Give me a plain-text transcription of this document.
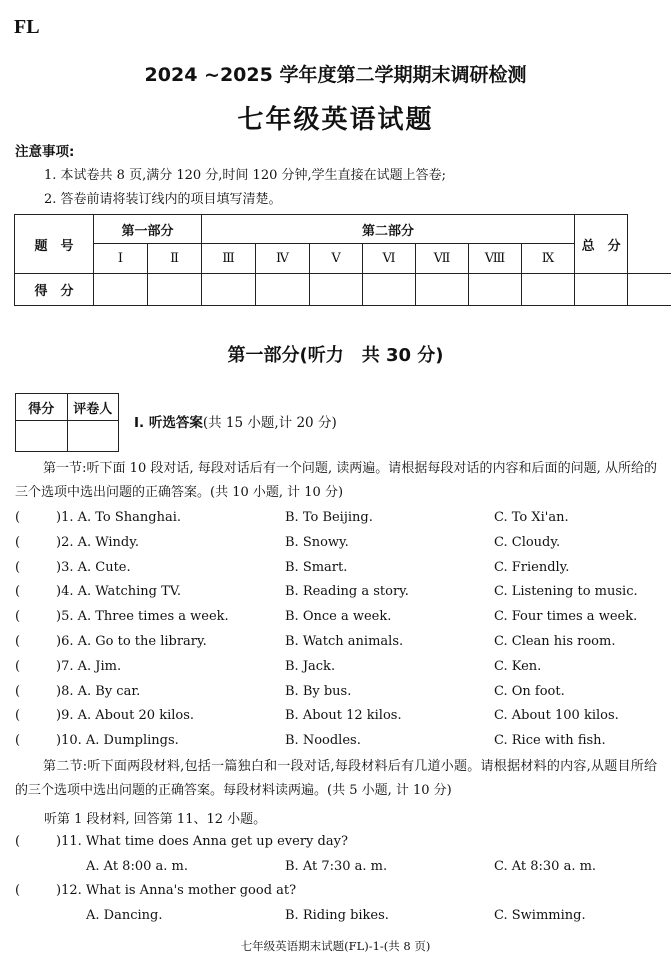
FL
2024 ~2025 学年度第二学期期末调研检测
七年级英语试题
注意事项:
1. 本试卷共 8 页,满分 120 分,时间 120 分钟,学生直接在试题上答卷;
2. 答卷前请将装订线内的项目填写清楚。
题　号	第一部分		第二部分							总　分	
	Ⅰ	Ⅱ	Ⅲ	Ⅳ	Ⅴ	Ⅵ	Ⅶ	Ⅷ	Ⅸ		
得　分											
第一部分(听力　共 30 分)
得分	评卷人

Ⅰ. 听选答案(共 15 小题,计 20 分)
第一节:听下面 10 段对话, 每段对话后有一个问题, 读两遍。请根据每段对话的内容和后面的问题, 从所给的三个选项中选出问题的正确答案。(共 10 小题, 计 10 分)
(	)1. A. To Shanghai.	B. To Beijing.	C. To Xi'an.
(	)2. A. Windy.	B. Snowy.	C. Cloudy.
(	)3. A. Cute.	B. Smart.	C. Friendly.
(	)4. A. Watching TV.	B. Reading a story.	C. Listening to music.
(	)5. A. Three times a week.	B. Once a week.	C. Four times a week.
(	)6. A. Go to the library.	B. Watch animals.	C. Clean his room.
(	)7. A. Jim.	B. Jack.	C. Ken.
(	)8. A. By car.	B. By bus.	C. On foot.
(	)9. A. About 20 kilos.	B. About 12 kilos.	C. About 100 kilos.
(	)10. A. Dumplings.	B. Noodles.	C. Rice with fish.
第二节:听下面两段材料,包括一篇独白和一段对话,每段材料后有几道小题。请根据材料的内容,从题目所给的三个选项中选出问题的正确答案。每段材料读两遍。(共 5 小题, 计 10 分)
听第 1 段材料, 回答第 11、12 小题。
(	)11. What time does Anna get up every day?
A. At 8:00 a. m.	B. At 7:30 a. m.	C. At 8:30 a. m.
(	)12. What is Anna's mother good at?
A. Dancing.	B. Riding bikes.	C. Swimming.
七年级英语期末试题(FL)-1-(共 8 页)
